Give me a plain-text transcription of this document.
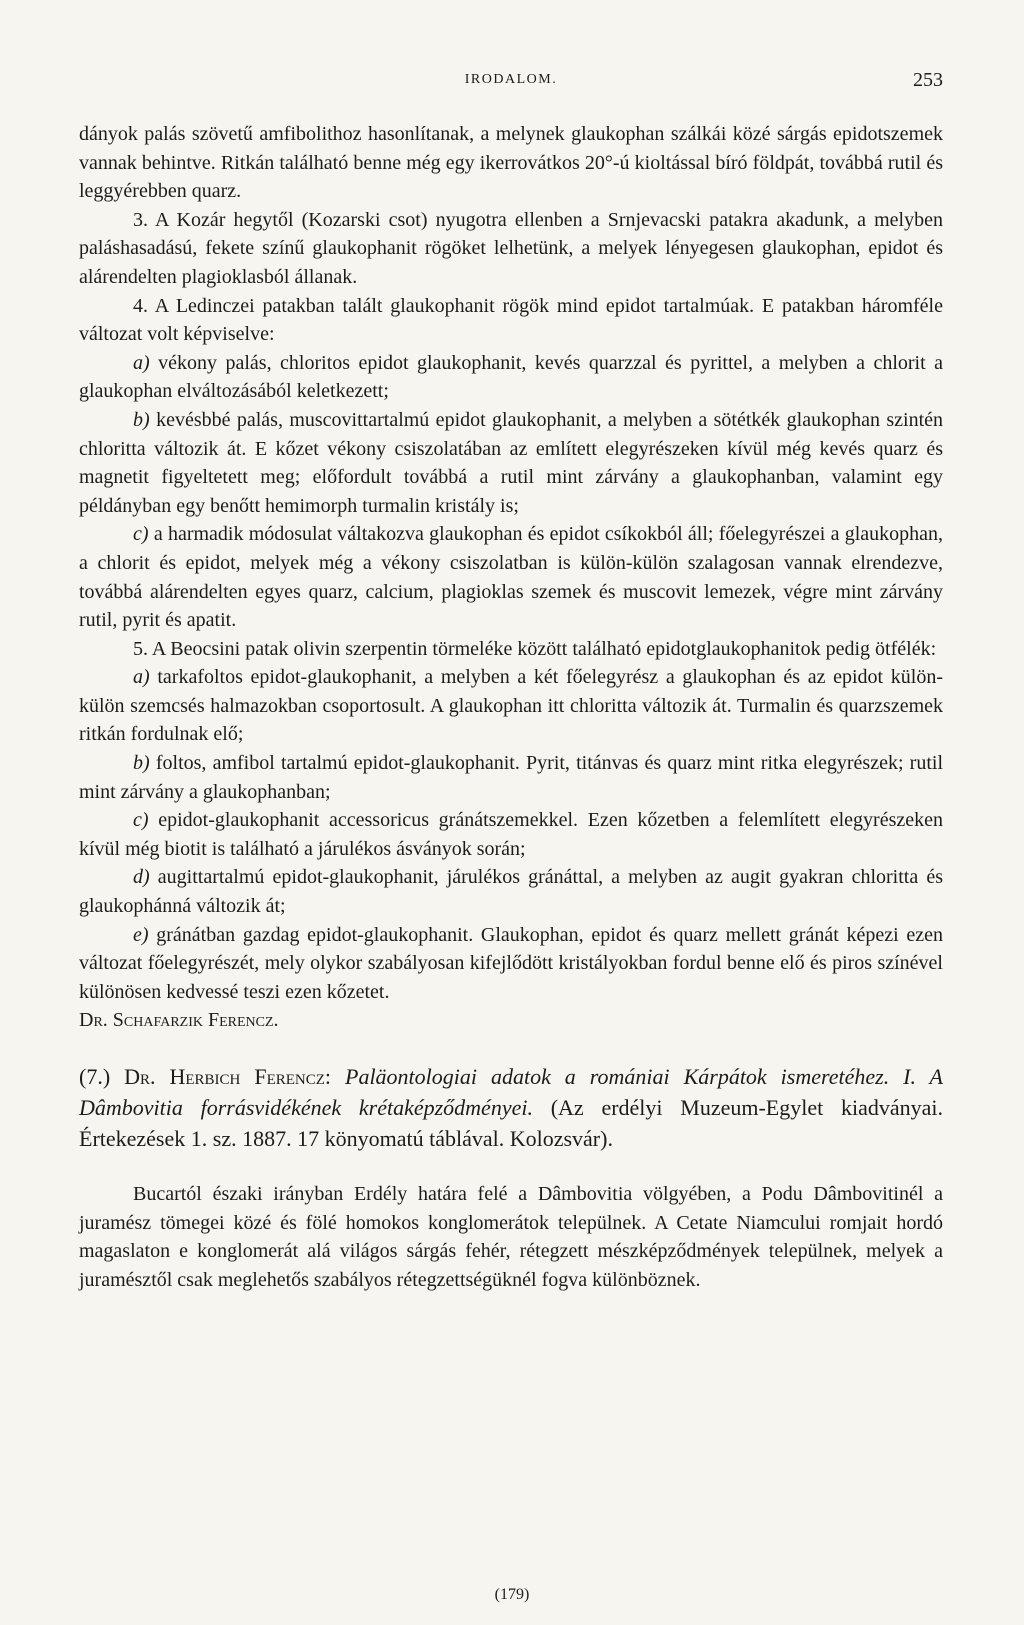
IRODALOM.	253

dányok palás szövetű amfibolithoz hasonlítanak, a melynek glaukophan szálkái közé sárgás epidotszemek vannak behintve. Ritkán található benne még egy ikerrovátkos 20°-ú kioltással bíró földpát, továbbá rutil és leggyérebben quarz.

3. A Kozár hegytől (Kozarski csot) nyugotra ellenben a Srnjevacski patakra akadunk, a melyben paláshasadású, fekete színű glaukophanit rögöket lelhetünk, a melyek lényegesen glaukophan, epidot és alárendelten plagioklasból állanak.

4. A Ledinczei patakban talált glaukophanit rögök mind epidot tartalmúak. E patakban háromféle változat volt képviselve:

a) vékony palás, chloritos epidot glaukophanit, kevés quarzzal és pyrittel, a melyben a chlorit a glaukophan elváltozásából keletkezett;

b) kevésbbé palás, muscovittartalmú epidot glaukophanit, a melyben a sötétkék glaukophan szintén chloritta változik át. E kőzet vékony csiszolatában az említett elegyrészeken kívül még kevés quarz és magnetit figyeltetett meg; előfordult továbbá a rutil mint zárvány a glaukophanban, valamint egy példányban egy benőtt hemimorph turmalin kristály is;

c) a harmadik módosulat váltakozva glaukophan és epidot csíkokból áll; főelegyrészei a glaukophan, a chlorit és epidot, melyek még a vékony csiszolatban is külön-külön szalagosan vannak elrendezve, továbbá alárendelten egyes quarz, calcium, plagioklas szemek és muscovit lemezek, végre mint zárvány rutil, pyrit és apatit.

5. A Beocsini patak olivin szerpentin törmeléke között található epidotglaukophanitok pedig ötfélék:

a) tarkafoltos epidot-glaukophanit, a melyben a két főelegyrész a glaukophan és az epidot külön-külön szemcsés halmazokban csoportosult. A glaukophan itt chloritta változik át. Turmalin és quarzszemek ritkán fordulnak elő;

b) foltos, amfibol tartalmú epidot-glaukophanit. Pyrit, titánvas és quarz mint ritka elegyrészek; rutil mint zárvány a glaukophanban;

c) epidot-glaukophanit accessoricus gránátszemekkel. Ezen kőzetben a felemlített elegyrészeken kívül még biotit is található a járulékos ásványok során;

d) augittartalmú epidot-glaukophanit, járulékos gránáttal, a melyben az augit gyakran chloritta és glaukophánná változik át;

e) gránátban gazdag epidot-glaukophanit. Glaukophan, epidot és quarz mellett gránát képezi ezen változat főelegyrészét, mely olykor szabályosan kifejlődött kristályokban fordul benne elő és piros színével különösen kedvessé teszi ezen kőzetet.

Dr. Schafarzik Ferencz.

(7.) Dr. Herbich Ferencz: Paläontologiai adatok a romániai Kárpátok ismeretéhez. I. A Dâmbovitia forrásvidékének krétaképződményei. (Az erdélyi Muzeum-Egylet kiadványai. Értekezések 1. sz. 1887. 17 könyomatú táblával. Kolozsvár).

Bucartól északi irányban Erdély határa felé a Dâmbovitia völgyében, a Podu Dâmbovitinél a juramész tömegei közé és fölé homokos konglomerátok települnek. A Cetate Niamcului romjait hordó magaslaton e konglomerát alá világos sárgás fehér, rétegzett mészképződmények települnek, melyek a juramésztől csak meglehetős szabályos rétegzettségüknél fogva különböznek.

(179)
